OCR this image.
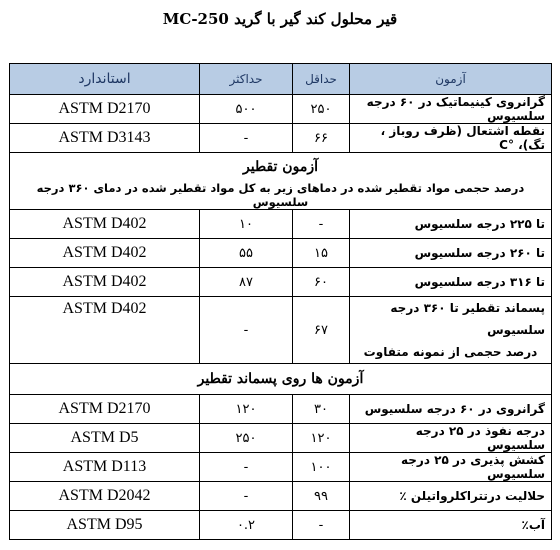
قیر محلول کند گیر با گرید MC-250
استاندارد	حداکثر	حداقل	آزمون
ASTM D2170	۵۰۰	۲۵۰	گرانروی کینیماتیک در ۶۰ درجه سلسیوس
ASTM D3143	-	۶۶	نقطه اشتعال (ظرف روباز ، تگ)، °C
آزمون تقطیر			
درصد حجمی مواد تقطیر شده در دماهای زیر به کل مواد تقطیر شده در دمای ۳۶۰ درجه سلسیوس			
ASTM D402	۱۰	-	تا ۲۲۵ درجه سلسیوس
ASTM D402	۵۵	۱۵	تا ۲۶۰ درجه سلسیوس
ASTM D402	۸۷	۶۰	تا ۳۱۶ درجه سلسیوس
ASTM D402	-	۶۷	پسماند تقطیر تا ۳۶۰ درجه سلسیوس
درصد حجمی از نمونه متفاوت

آزمون ها روی پسماند تقطیر			
ASTM D2170	۱۲۰	۳۰	گرانروی در ۶۰ درجه سلسیوس
ASTM D5	۲۵۰	۱۲۰	درجه نفوذ در ۲۵ درجه سلسیوس
ASTM D113	-	۱۰۰	کشش پذیری در ۲۵ درجه سلسیوس
ASTM D2042	-	۹۹	حلالیت درتتراکلرواتیلن ٪
ASTM D95	۰.۲	-	آب٪
